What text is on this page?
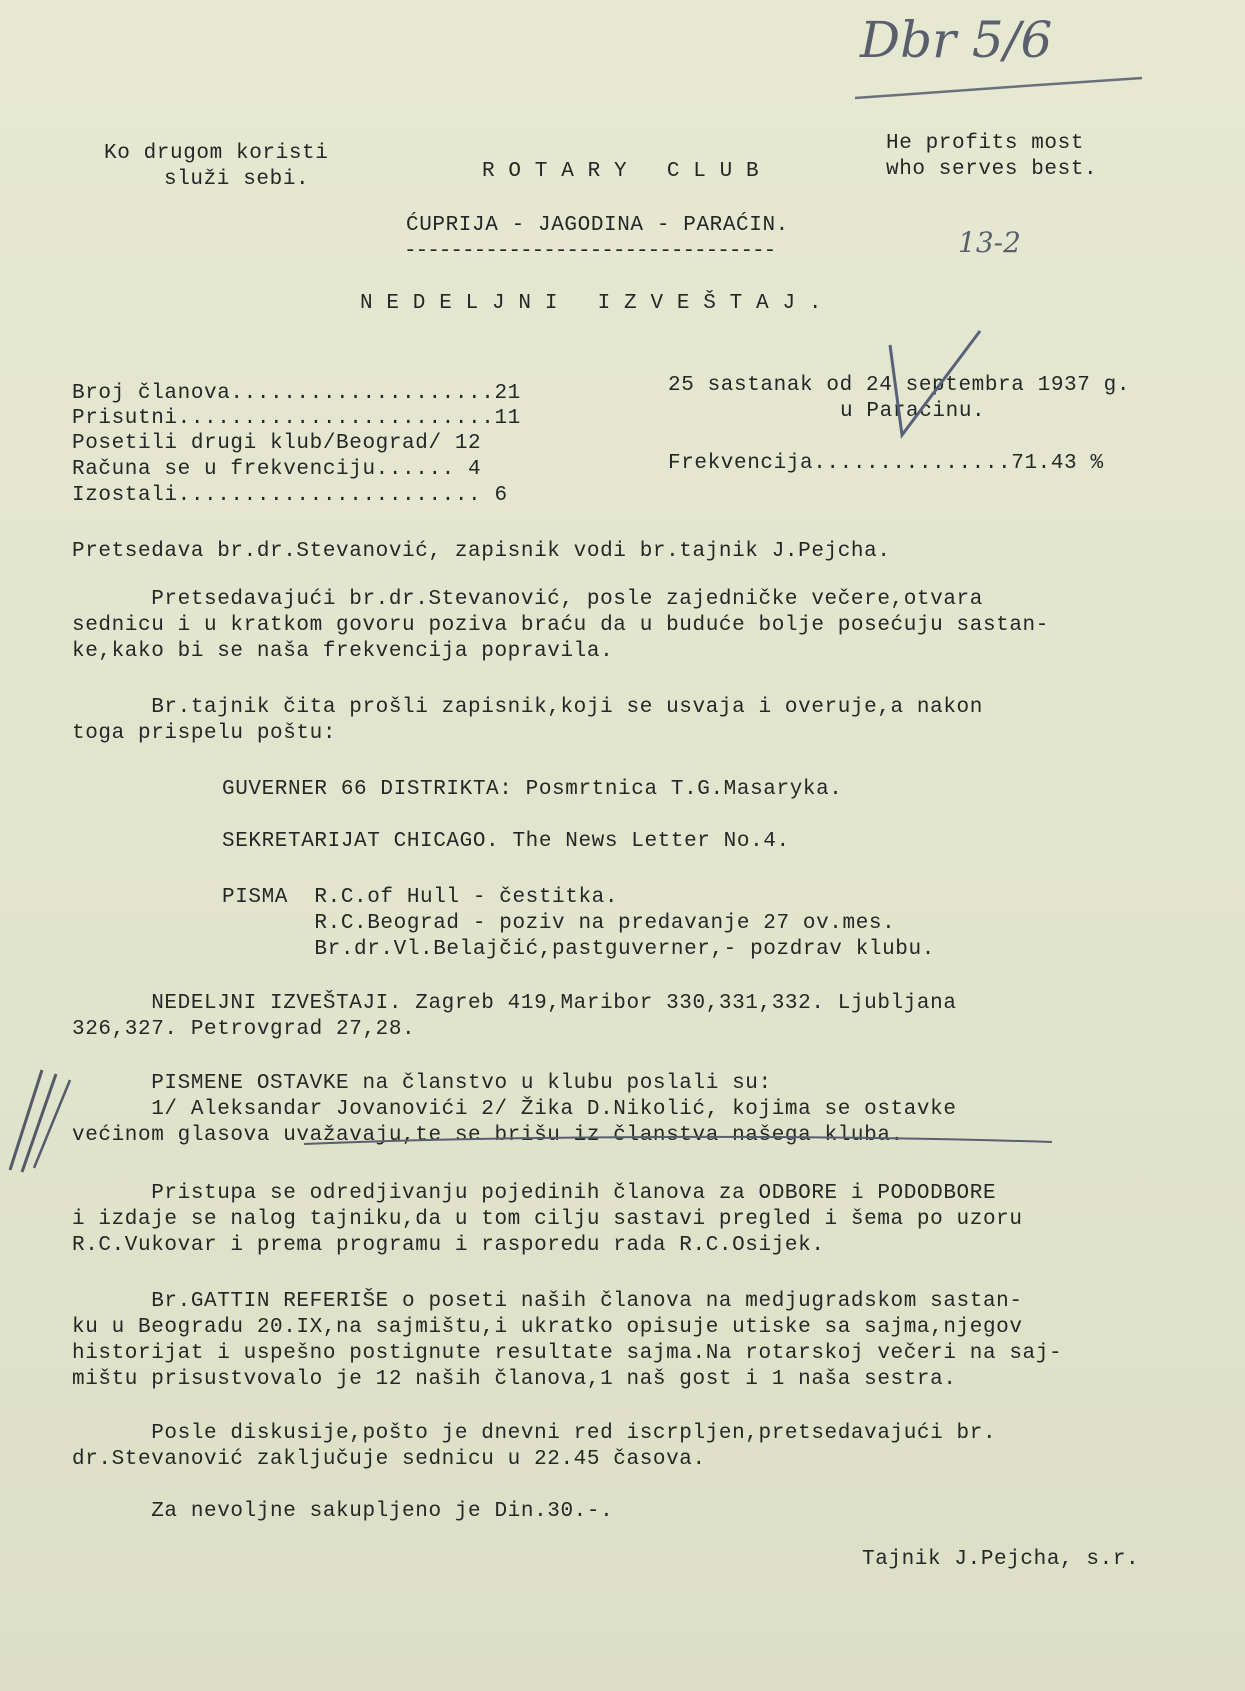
Dbr 5/6
Ko drugom koristi
služi sebi.
He profits most
who serves best.
R O T A R Y   C L U B
ĆUPRIJA - JAGODINA - PARAĆIN.
--------------------------------	13-2
N E D E L J N I   I Z V E Š T A J .
Broj članova....................21
Prisutni........................11
Posetili drugi klub/Beograd/ 12
Računa se u frekvenciju...... 4
Izostali....................... 6
25 sastanak od 24 septembra 1937 g.
u Paraćinu.
Frekvencija...............71.43 %
Pretsedava br.dr.Stevanović, zapisnik vodi br.tajnik J.Pejcha.
Pretsedavajući br.dr.Stevanović, posle zajedničke večere,otvara
sednicu i u kratkom govoru poziva braću da u buduće bolje posećuju sastan-
ke,kako bi se naša frekvencija popravila.
Br.tajnik čita prošli zapisnik,koji se usvaja i overuje,a nakon
toga prispelu poštu:
GUVERNER 66 DISTRIKTA: Posmrtnica T.G.Masaryka.
SEKRETARIJAT CHICAGO. The News Letter No.4.
PISMA  R.C.of Hull - čestitka.
R.C.Beograd - poziv na predavanje 27 ov.mes.
Br.dr.Vl.Belajčić,pastguverner,- pozdrav klubu.
NEDELJNI IZVEŠTAJI. Zagreb 419,Maribor 330,331,332. Ljubljana
326,327. Petrovgrad 27,28.
PISMENE OSTAVKE na članstvo u klubu poslali su:
1/ Aleksandar Jovanovići 2/ Žika D.Nikolić, kojima se ostavke
većinom glasova uvažavaju,te se brišu iz članstva našega kluba.
Pristupa se odredjivanju pojedinih članova za ODBORE i PODODBORE
i izdaje se nalog tajniku,da u tom cilju sastavi pregled i šema po uzoru
R.C.Vukovar i prema programu i rasporedu rada R.C.Osijek.
Br.GATTIN REFERIŠE o poseti naših članova na medjugradskom sastan-
ku u Beogradu 20.IX,na sajmištu,i ukratko opisuje utiske sa sajma,njegov
historijat i uspešno postignute resultate sajma.Na rotarskoj večeri na saj-
mištu prisustvovalo je 12 naših članova,1 naš gost i 1 naša sestra.
Posle diskusije,pošto je dnevni red iscrpljen,pretsedavajući br.
dr.Stevanović zaključuje sednicu u 22.45 časova.
Za nevoljne sakupljeno je Din.30.-.
Tajnik J.Pejcha, s.r.
